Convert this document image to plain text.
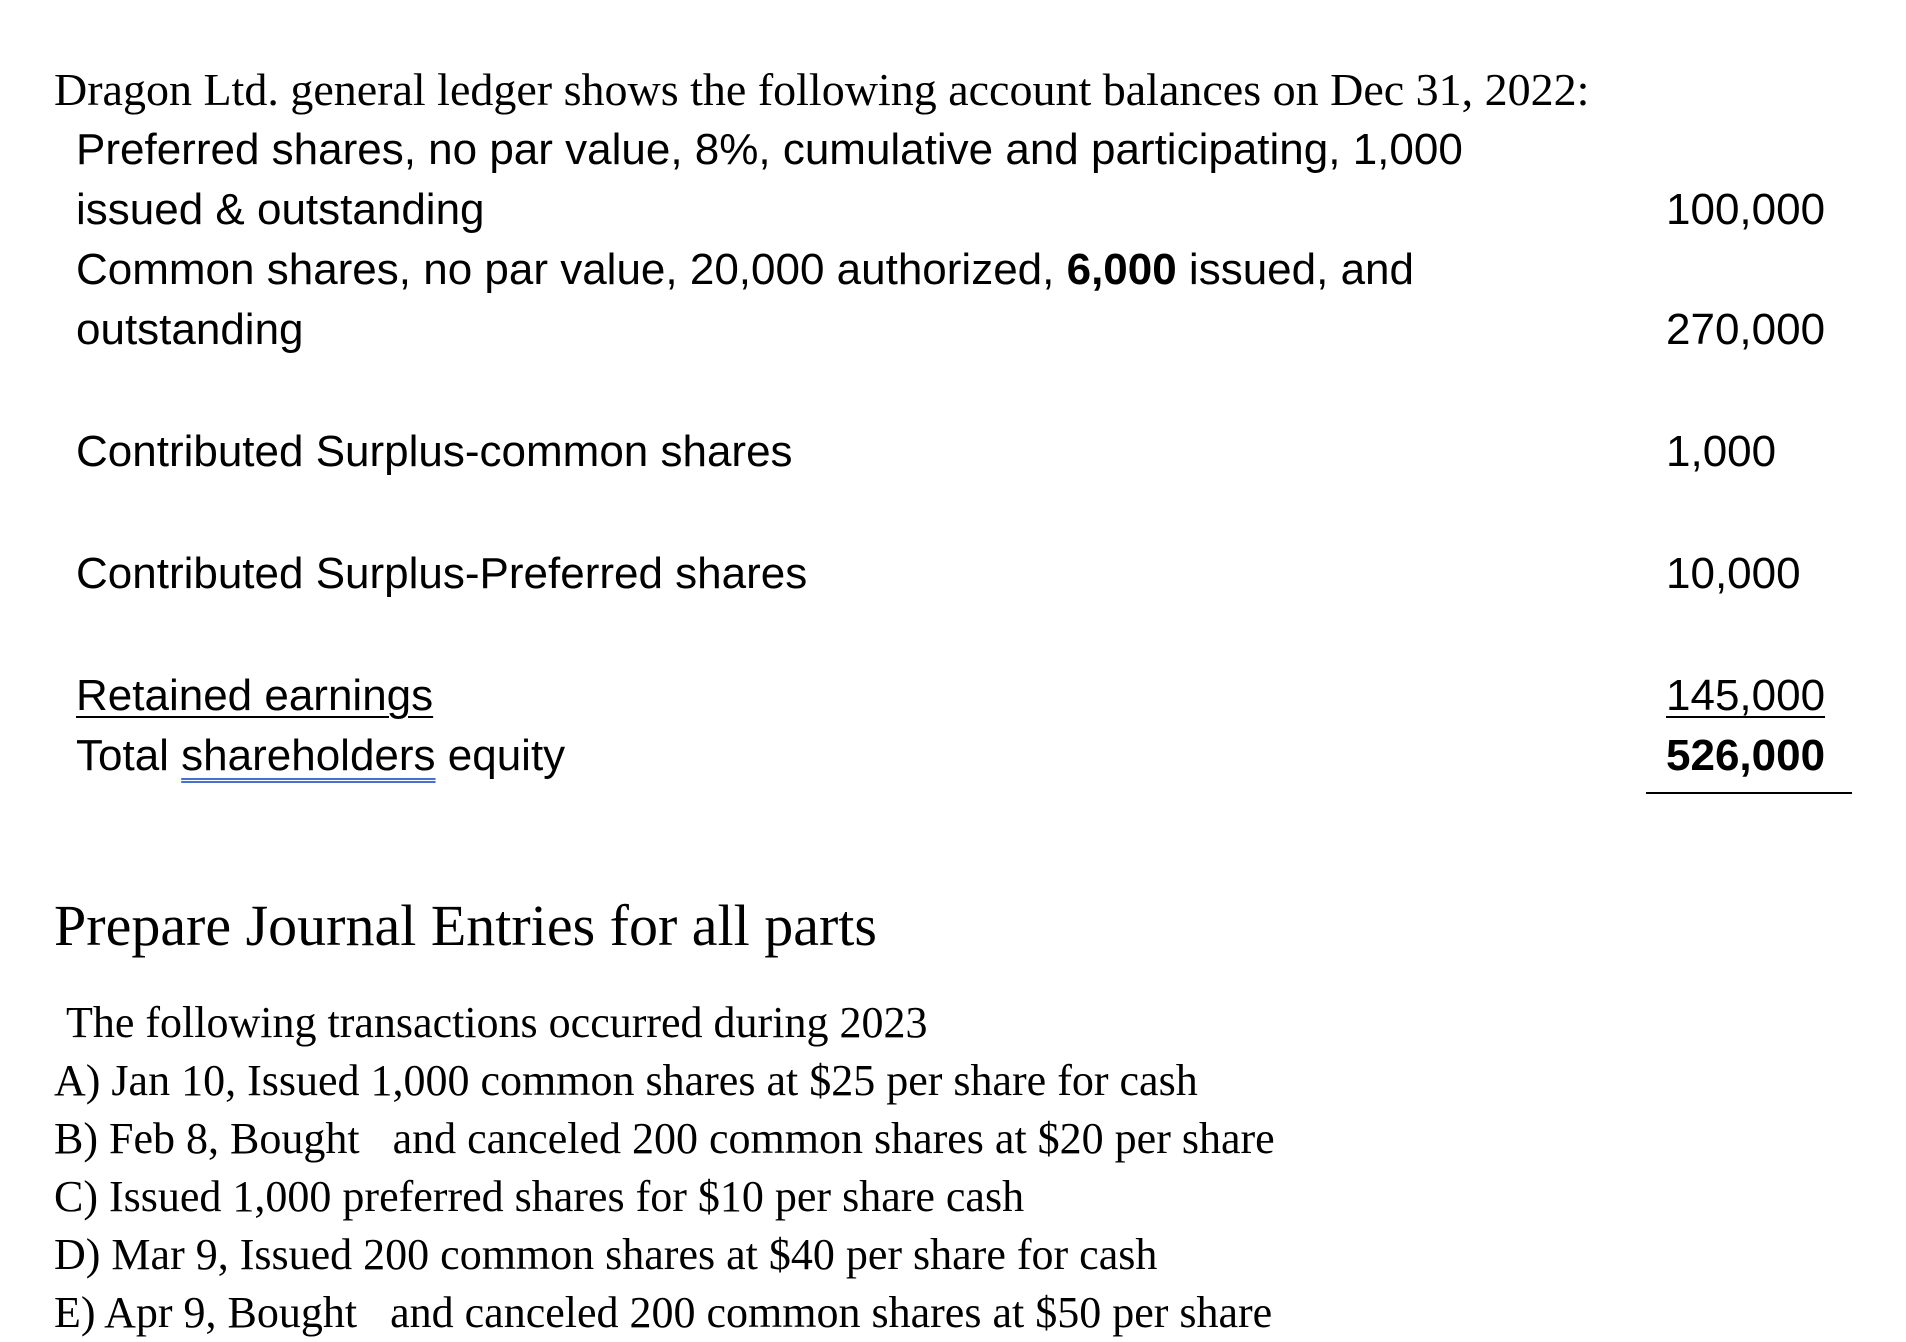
Dragon Ltd. general ledger shows the following account balances on Dec 31, 2022:
Preferred shares, no par value, 8%, cumulative and participating, 1,000
issued & outstanding	100,000
Common shares, no par value, 20,000 authorized, 6,000 issued, and
outstanding	270,000
Contributed Surplus-common shares	1,000
Contributed Surplus-Preferred shares	10,000
Retained earnings	145,000
Total shareholders equity	526,000
Prepare Journal Entries for all parts
The following transactions occurred during 2023
A) Jan 10, Issued 1,000 common shares at $25 per share for cash
B) Feb 8, Bought   and canceled 200 common shares at $20 per share
C) Issued 1,000 preferred shares for $10 per share cash
D) Mar 9, Issued 200 common shares at $40 per share for cash
E) Apr 9, Bought   and canceled 200 common shares at $50 per share
